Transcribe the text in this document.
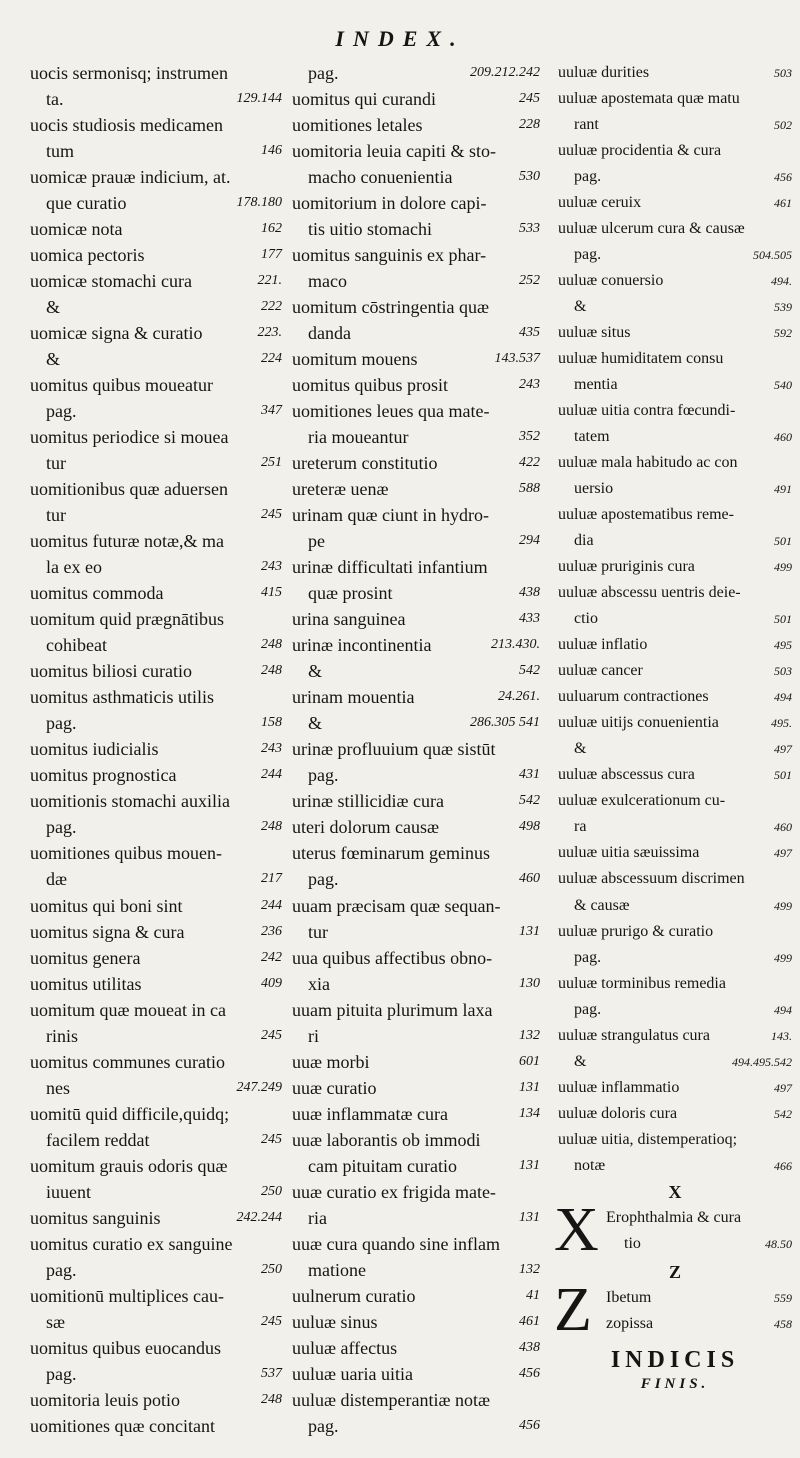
INDEX.
uocis sermonisq; instrumen
ta.	129.144
uocis studiosis medicamen
tum	146
uomicæ prauæ indicium, at.
que curatio	178.180
uomicæ nota	162
uomica pectoris	177
uomicæ stomachi cura	221.
&	222
uomicæ signa & curatio	223.
&	224
uomitus quibus moueatur
pag.	347
uomitus periodice si mouea
tur	251
uomitionibus quæ aduersen
tur	245
uomitus futuræ notæ,& ma
la ex eo	243
uomitus commoda	415
uomitum quid prægnātibus
cohibeat	248
uomitus biliosi curatio	248
uomitus asthmaticis utilis
pag.	158
uomitus iudicialis	243
uomitus prognostica	244
uomitionis stomachi auxilia
pag.	248
uomitiones quibus mouen-
dæ	217
uomitus qui boni sint	244
uomitus signa & cura	236
uomitus genera	242
uomitus utilitas	409
uomitum quæ moueat in ca
rinis	245
uomitus communes curatio
nes	247.249
uomitū quid difficile,quidq;
facilem reddat	245
uomitum grauis odoris quæ
iuuent	250
uomitus sanguinis	242.244
uomitus curatio ex sanguine
pag.	250
uomitionū multiplices cau-
sæ	245
uomitus quibus euocandus
pag.	537
uomitoria leuis potio	248
uomitiones quæ concitant
pag.	209.212.242
uomitus qui curandi	245
uomitiones letales	228
uomitoria leuia capiti & sto-
macho conuenientia	530
uomitorium in dolore capi-
tis uitio stomachi	533
uomitus sanguinis ex phar-
maco	252
uomitum cōstringentia quæ
danda	435
uomitum mouens	143.537
uomitus quibus prosit	243
uomitiones leues qua mate-
ria moueantur	352
ureterum constitutio	422
ureteræ uenæ	588
urinam quæ ciunt in hydro-
pe	294
urinæ difficultati infantium
quæ prosint	438
urina sanguinea	433
urinæ incontinentia	213.430.
&	542
urinam mouentia	24.261.
&	286.305 541
urinæ profluuium quæ sistūt
pag.	431
urinæ stillicidiæ cura	542
uteri dolorum causæ	498
uterus fœminarum geminus
pag.	460
uuam præcisam quæ sequan-
tur	131
uua quibus affectibus obno-
xia	130
uuam pituita plurimum laxa
ri	132
uuæ morbi	601
uuæ curatio	131
uuæ inflammatæ cura	134
uuæ laborantis ob immodi
cam pituitam curatio	131
uuæ curatio ex frigida mate-
ria	131
uuæ cura quando sine inflam
matione	132
uulnerum curatio	41
uuluæ sinus	461
uuluæ affectus	438
uuluæ uaria uitia	456
uuluæ distemperantiæ notæ
pag.	456
uuluæ durities	503
uuluæ apostemata quæ matu
rant	502
uuluæ procidentia & cura
pag.	456
uuluæ ceruix	461
uuluæ ulcerum cura & causæ
pag.	504.505
uuluæ conuersio	494.
&	539
uuluæ situs	592
uuluæ humiditatem consu
mentia	540
uuluæ uitia contra fœcundi-
tatem	460
uuluæ mala habitudo ac con
uersio	491
uuluæ apostematibus reme-
dia	501
uuluæ pruriginis cura	499
uuluæ abscessu uentris deie-
ctio	501
uuluæ inflatio	495
uuluæ cancer	503
uuluarum contractiones	494
uuluæ uitijs conuenientia	495.
&	497
uuluæ abscessus cura	501
uuluæ exulcerationum cu-
ra	460
uuluæ uitia sæuissima	497
uuluæ abscessuum discrimen
& causæ	499
uuluæ prurigo & curatio
pag.	499
uuluæ torminibus remedia
pag.	494
uuluæ strangulatus cura	143.
&	494.495.542
uuluæ inflammatio	497
uuluæ doloris cura	542
uuluæ uitia, distemperatioq;
notæ	466
X
X Erophthalmia & cura
tio	48.50
Z
Z Ibetum	559
zopissa	458
INDICIS
FINIS.
